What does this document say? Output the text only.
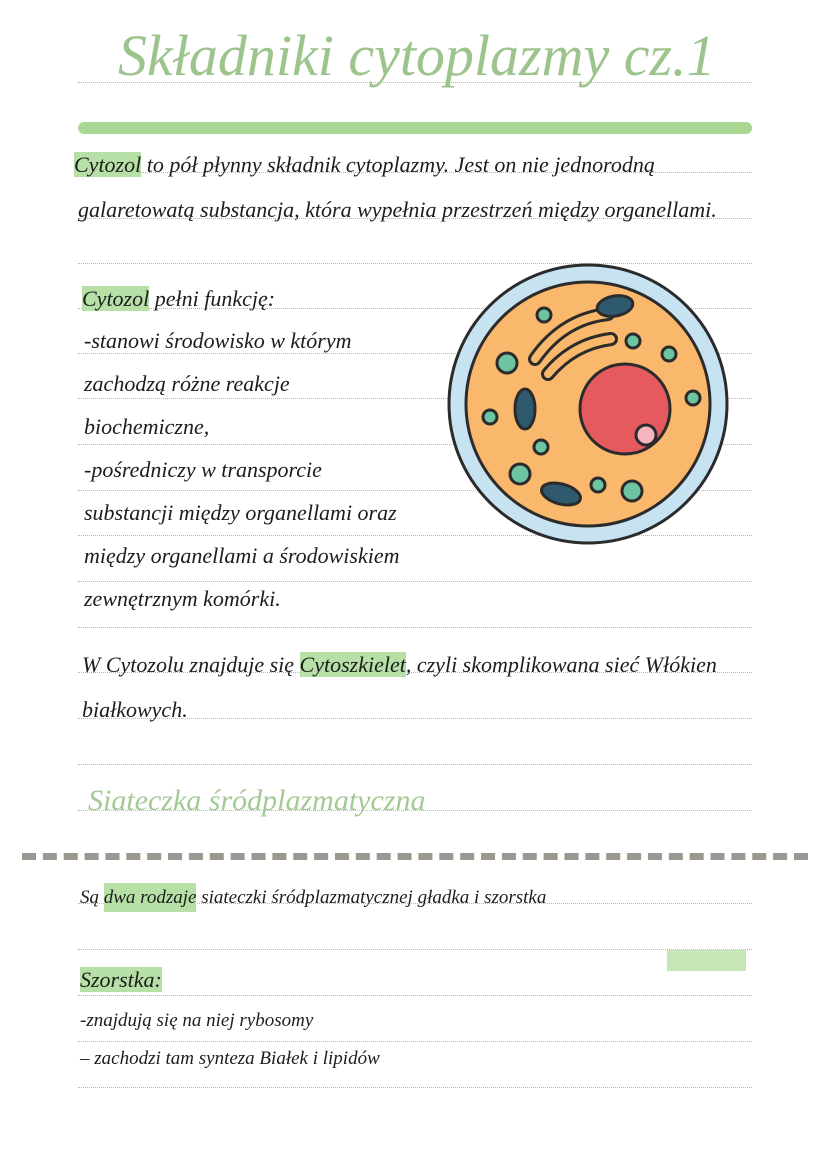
Składniki cytoplazmy cz.1
Cytozol to pół płynny składnik cytoplazmy. Jest on nie jednorodną
galaretowatą substancja, która wypełnia przestrzeń między organellami.
Cytozol pełni funkcję:
-stanowi środowisko w którym
zachodzą różne reakcje
biochemiczne,
-pośredniczy w transporcie
substancji między organellami oraz
między organellami a środowiskiem
zewnętrznym komórki.
W Cytozolu znajduje się Cytoszkielet, czyli skomplikowana sieć Włókien
białkowych.
Siateczka śródplazmatyczna
Są dwa rodzaje siateczki śródplazmatycznej gładka i szorstka
Szorstka:
-znajdują się na niej rybosomy
– zachodzi tam synteza Białek i lipidów
